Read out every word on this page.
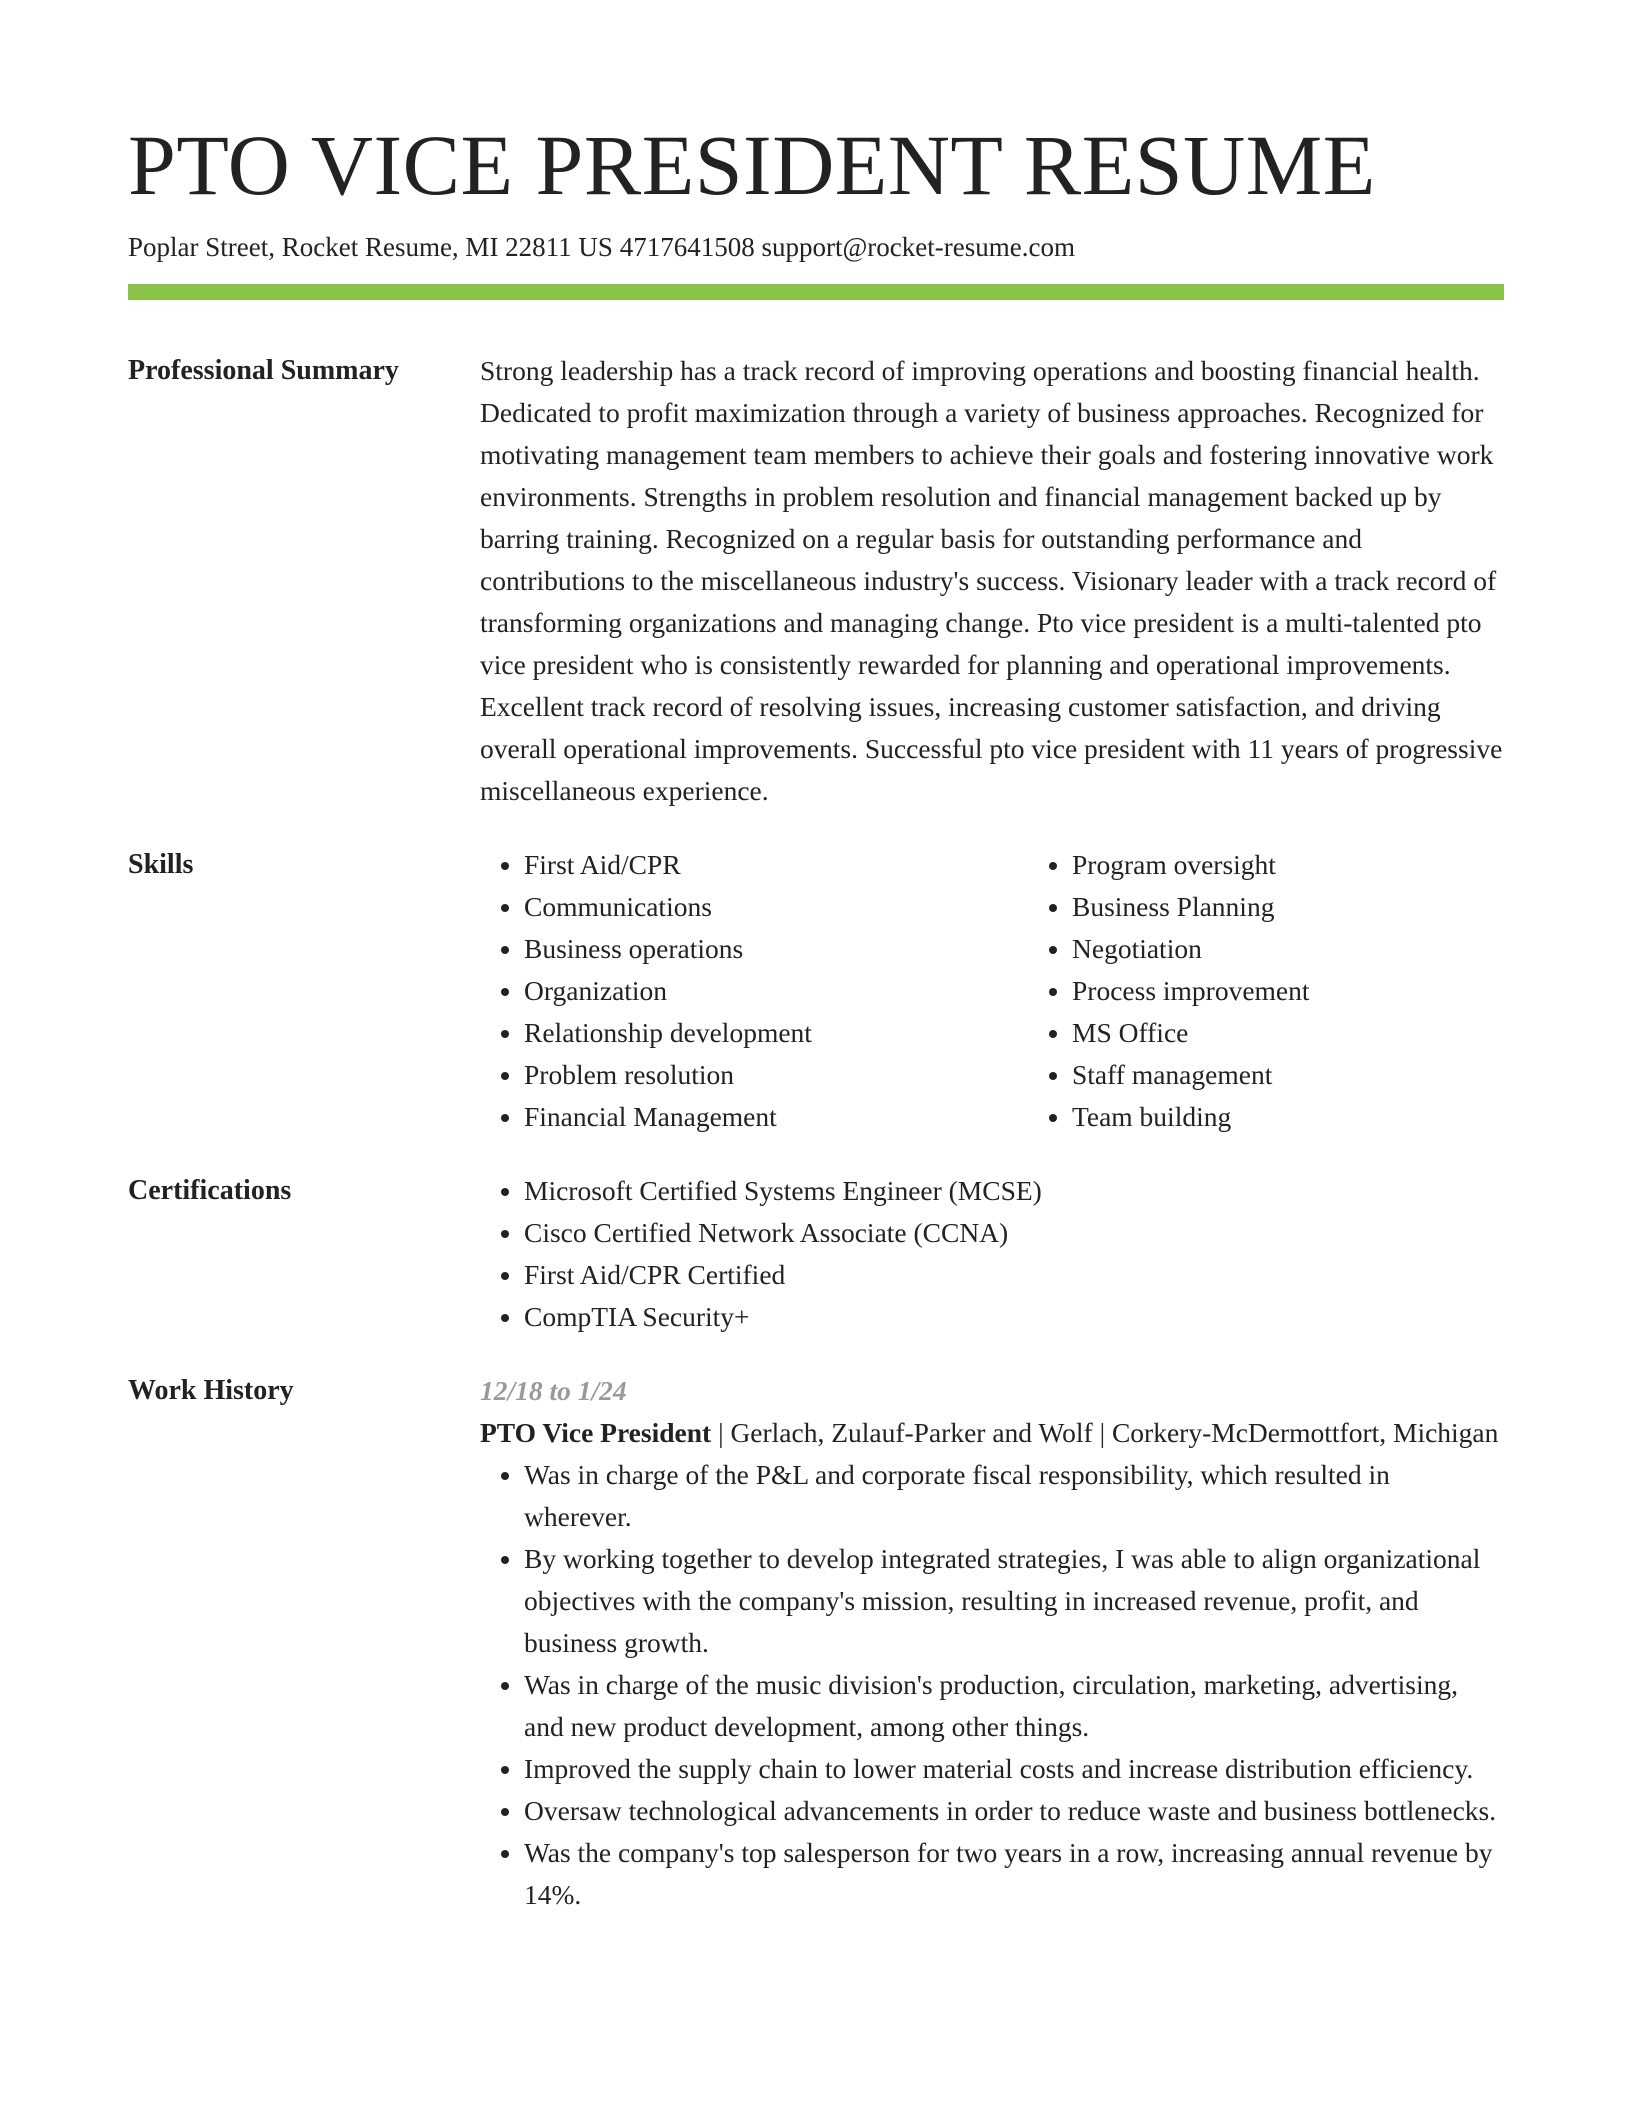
PTO VICE PRESIDENT RESUME
Poplar Street, Rocket Resume, MI 22811 US 4717641508 support@rocket-resume.com
Professional Summary	Strong leadership has a track record of improving operations and boosting financial health. Dedicated to profit maximization through a variety of business approaches. Recognized for motivating management team members to achieve their goals and fostering innovative work environments. Strengths in problem resolution and financial management backed up by barring training. Recognized on a regular basis for outstanding performance and contributions to the miscellaneous industry's success. Visionary leader with a track record of transforming organizations and managing change. Pto vice president is a multi-talented pto vice president who is consistently rewarded for planning and operational improvements. Excellent track record of resolving issues, increasing customer satisfaction, and driving overall operational improvements. Successful pto vice president with 11 years of progressive miscellaneous experience.

Skills	• First Aid/CPR
• Communications
• Business operations
• Organization
• Relationship development
• Problem resolution
• Financial Management
• Program oversight
• Business Planning
• Negotiation
• Process improvement
• MS Office
• Staff management
• Team building
Certifications	• Microsoft Certified Systems Engineer (MCSE)
• Cisco Certified Network Associate (CCNA)
• First Aid/CPR Certified
• CompTIA Security+
Work History	12/18 to 1/24

PTO Vice President | Gerlach, Zulauf-Parker and Wolf | Corkery-McDermottfort, Michigan

• Was in charge of the P&L and corporate fiscal responsibility, which resulted in wherever.
• By working together to develop integrated strategies, I was able to align organizational objectives with the company's mission, resulting in increased revenue, profit, and business growth.
• Was in charge of the music division's production, circulation, marketing, advertising, and new product development, among other things.
• Improved the supply chain to lower material costs and increase distribution efficiency.
• Oversaw technological advancements in order to reduce waste and business bottlenecks.
• Was the company's top salesperson for two years in a row, increasing annual revenue by 14%.
